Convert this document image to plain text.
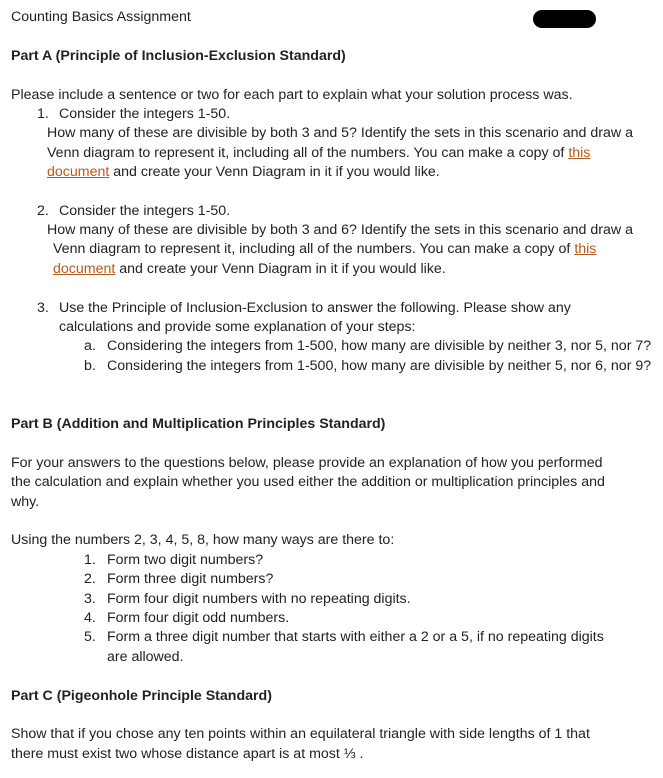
Counting Basics Assignment
Part A (Principle of Inclusion-Exclusion Standard)
Please include a sentence or two for each part to explain what your solution process was.
1. Consider the integers 1-50.
How many of these are divisible by both 3 and 5? Identify the sets in this scenario and draw a
Venn diagram to represent it, including all of the numbers. You can make a copy of this
document and create your Venn Diagram in it if you would like.
2. Consider the integers 1-50.
How many of these are divisible by both 3 and 6? Identify the sets in this scenario and draw a
Venn diagram to represent it, including all of the numbers. You can make a copy of this
document and create your Venn Diagram in it if you would like.
3. Use the Principle of Inclusion-Exclusion to answer the following. Please show any
calculations and provide some explanation of your steps:
a. Considering the integers from 1-500, how many are divisible by neither 3, nor 5, nor 7?
b. Considering the integers from 1-500, how many are divisible by neither 5, nor 6, nor 9?
Part B (Addition and Multiplication Principles Standard)
For your answers to the questions below, please provide an explanation of how you performed
the calculation and explain whether you used either the addition or multiplication principles and
why.
Using the numbers 2, 3, 4, 5, 8, how many ways are there to:
1. Form two digit numbers?
2. Form three digit numbers?
3. Form four digit numbers with no repeating digits.
4. Form four digit odd numbers.
5. Form a three digit number that starts with either a 2 or a 5, if no repeating digits
are allowed.
Part C (Pigeonhole Principle Standard)
Show that if you chose any ten points within an equilateral triangle with side lengths of 1 that
there must exist two whose distance apart is at most ⅓ .
